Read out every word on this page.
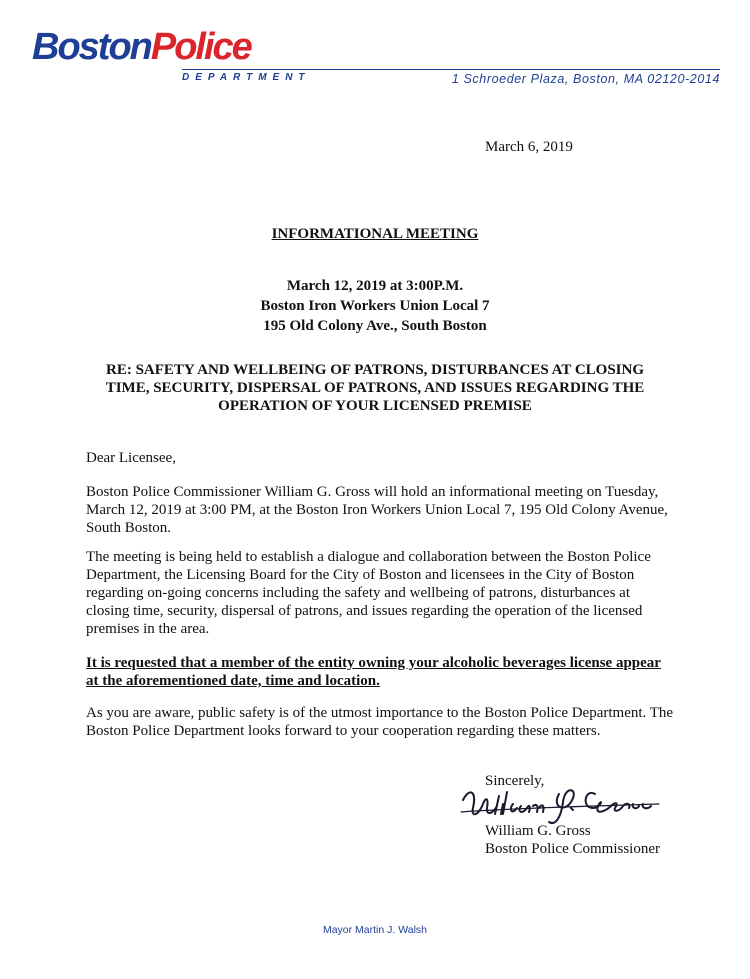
BostonPolice
DEPARTMENT	1 Schroeder Plaza, Boston, MA 02120-2014
March 6, 2019
INFORMATIONAL MEETING
March 12, 2019 at 3:00P.M.
Boston Iron Workers Union Local 7
195 Old Colony Ave., South Boston
RE: SAFETY AND WELLBEING OF PATRONS, DISTURBANCES AT CLOSING
TIME, SECURITY, DISPERSAL OF PATRONS, AND ISSUES REGARDING THE
OPERATION OF YOUR LICENSED PREMISE
Dear Licensee,
Boston Police Commissioner William G. Gross will hold an informational meeting on Tuesday, March 12, 2019 at 3:00 PM, at the Boston Iron Workers Union Local 7, 195 Old Colony Avenue, South Boston.
The meeting is being held to establish a dialogue and collaboration between the Boston Police Department, the Licensing Board for the City of Boston and licensees in the City of Boston regarding on-going concerns including the safety and wellbeing of patrons, disturbances at closing time, security, dispersal of patrons, and issues regarding the operation of the licensed premises in the area.
It is requested that a member of the entity owning your alcoholic beverages license appear at the aforementioned date, time and location.
As you are aware, public safety is of the utmost importance to the Boston Police Department. The Boston Police Department looks forward to your cooperation regarding these matters.
Sincerely,
William G. Gross
Boston Police Commissioner
Mayor Martin J. Walsh
